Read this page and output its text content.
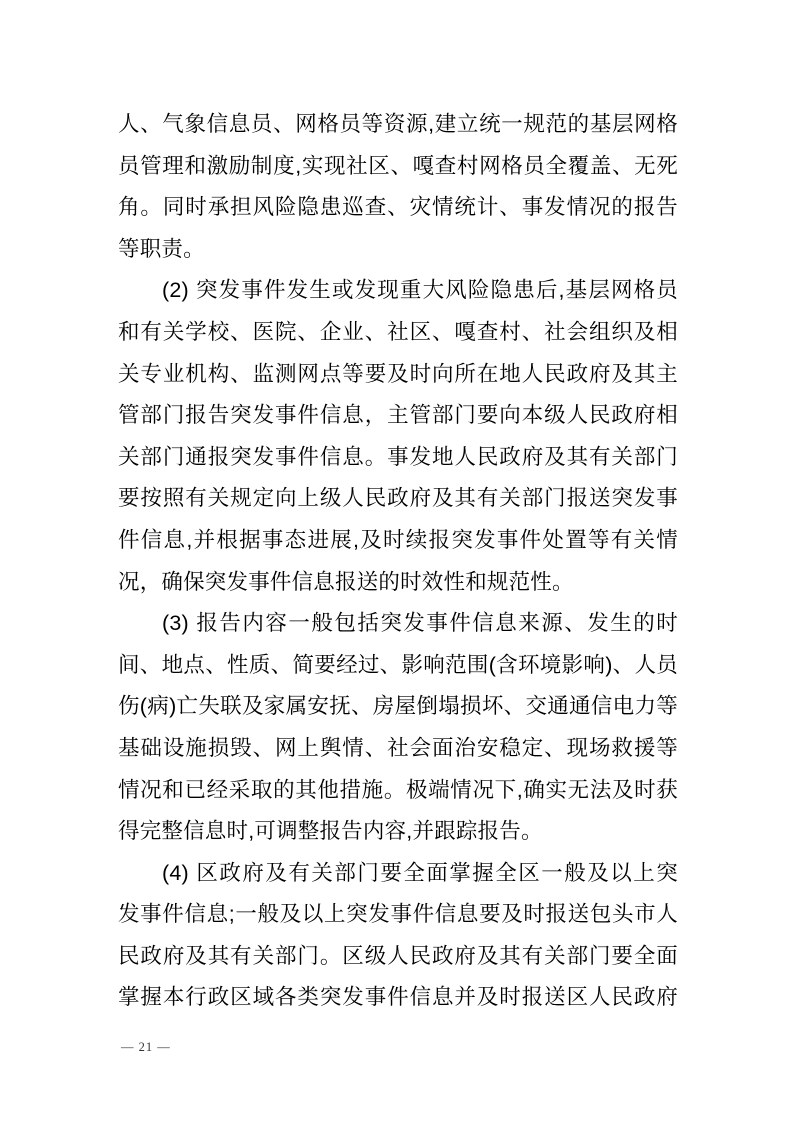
人、气象信息员、网格员等资源,建立统一规范的基层网格
员管理和激励制度,实现社区、嘎查村网格员全覆盖、无死
角。同时承担风险隐患巡查、灾情统计、事发情况的报告
等职责。
(2) 突发事件发生或发现重大风险隐患后,基层网格员
和有关学校、医院、企业、社区、嘎查村、社会组织及相
关专业机构、监测网点等要及时向所在地人民政府及其主
管部门报告突发事件信息，主管部门要向本级人民政府相
关部门通报突发事件信息。事发地人民政府及其有关部门
要按照有关规定向上级人民政府及其有关部门报送突发事
件信息,并根据事态进展,及时续报突发事件处置等有关情
况，确保突发事件信息报送的时效性和规范性。
(3) 报告内容一般包括突发事件信息来源、发生的时
间、地点、性质、简要经过、影响范围(含环境影响)、人员
伤(病)亡失联及家属安抚、房屋倒塌损坏、交通通信电力等
基础设施损毁、网上舆情、社会面治安稳定、现场救援等
情况和已经采取的其他措施。极端情况下,确实无法及时获
得完整信息时,可调整报告内容,并跟踪报告。
(4) 区政府及有关部门要全面掌握全区一般及以上突
发事件信息;一般及以上突发事件信息要及时报送包头市人
民政府及其有关部门。区级人民政府及其有关部门要全面
掌握本行政区域各类突发事件信息并及时报送区人民政府
— 21 —
